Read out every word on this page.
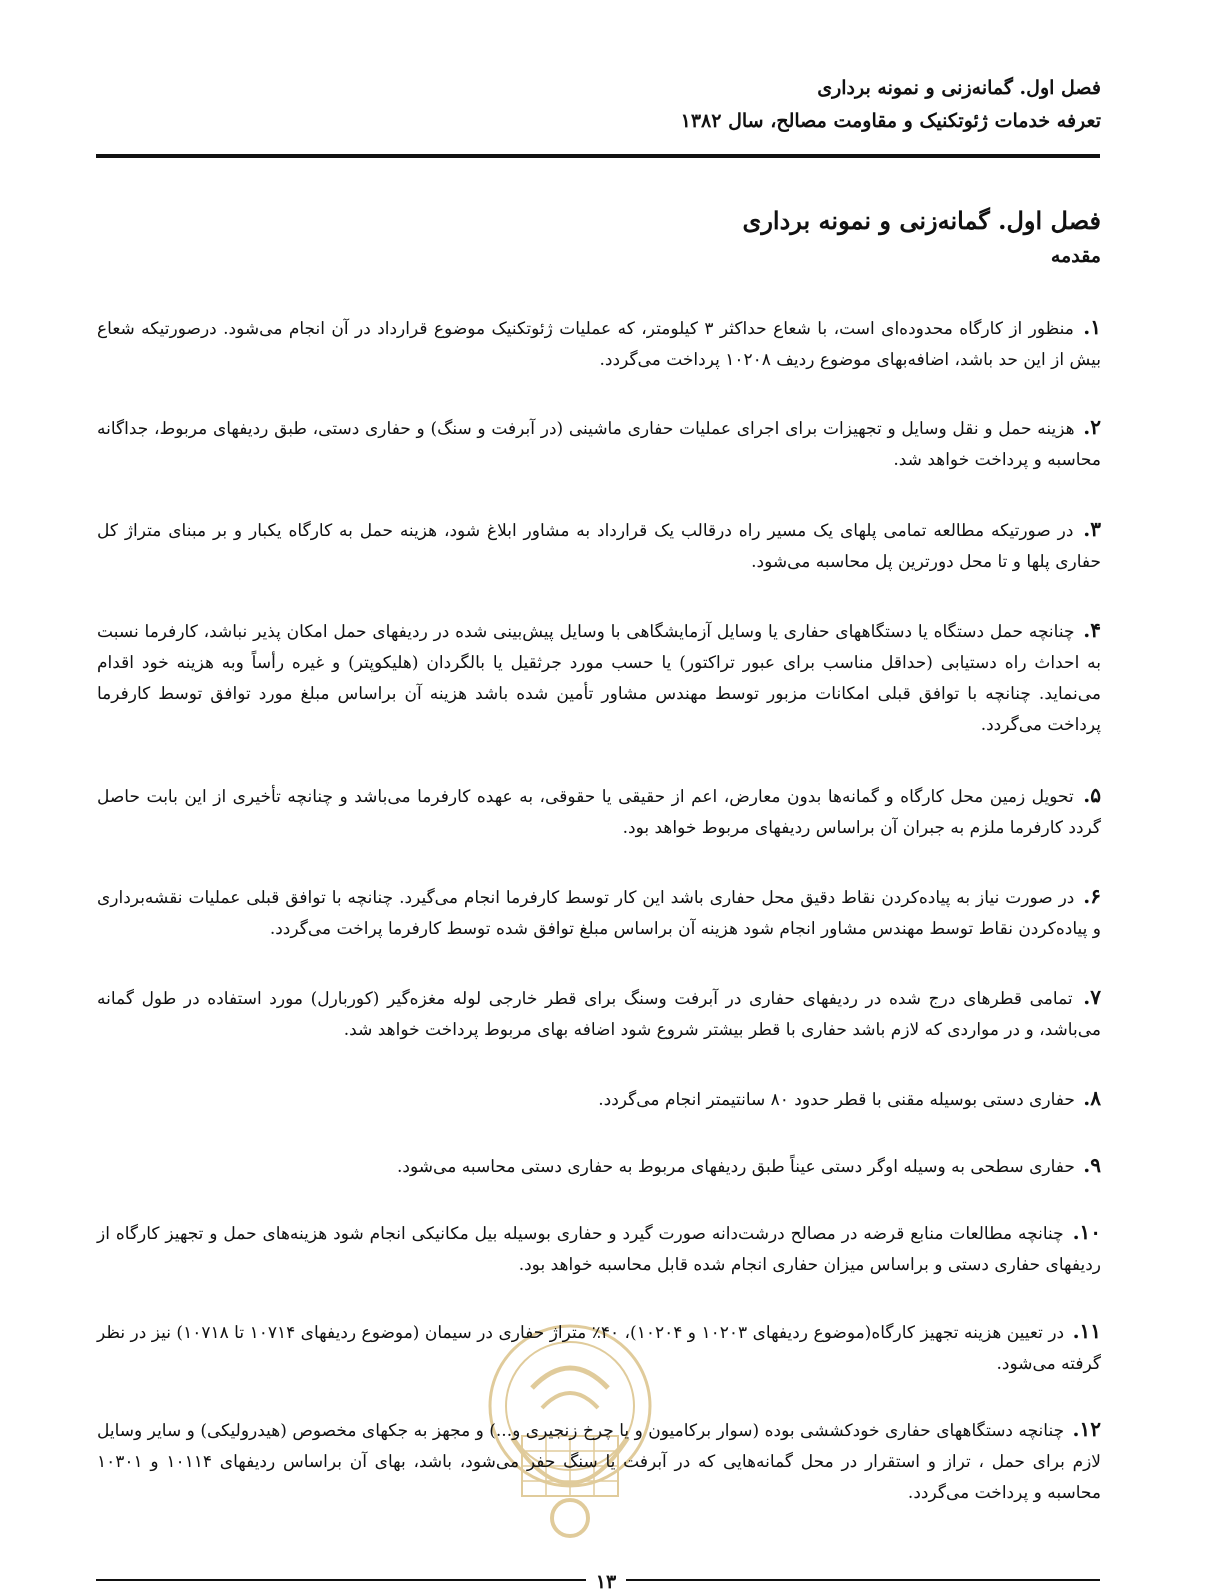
فصل اول. گمانه‌زنی و نمونه برداری
تعرفه خدمات ژئوتکنیک و مقاومت مصالح، سال ۱۳۸۲
فصل اول. گمانه‌زنی و نمونه برداری
مقدمه

۱. منظور از کارگاه محدوده‌ای است، با شعاع حداکثر ۳ کیلومتر، که عملیات ژئوتکنیک موضوع قرارداد در آن انجام می‌شود. درصورتیکه شعاع بیش از این حد باشد، اضافه‌بهای موضوع ردیف ۱۰۲۰۸ پرداخت می‌گردد.

۲. هزینه حمل و نقل وسایل و تجهیزات برای اجرای عملیات حفاری ماشینی (در آبرفت و سنگ) و حفاری دستی، طبق ردیفهای مربوط، جداگانه محاسبه و پرداخت خواهد شد.

۳. در صورتیکه مطالعه تمامی پلهای یک مسیر راه درقالب یک قرارداد به مشاور ابلاغ شود، هزینه حمل به کارگاه یکبار و بر مبنای متراژ کل حفاری پلها و تا محل دورترین پل محاسبه می‌شود.

۴. چنانچه حمل دستگاه یا دستگاههای حفاری یا وسایل آزمایشگاهی با وسایل پیش‌بینی شده در ردیفهای حمل امکان پذیر نباشد، کارفرما نسبت به احداث راه دستیابی (حداقل مناسب برای عبور تراکتور) یا حسب مورد جرثقیل یا بالگردان (هلیکوپتر) و غیره رأساً وبه هزینه خود اقدام می‌نماید. چنانچه با توافق قبلی امکانات مزبور توسط مهندس مشاور تأمین شده باشد هزینه آن براساس مبلغ مورد توافق توسط کارفرما پرداخت می‌گردد.

۵. تحویل زمین محل کارگاه و گمانه‌ها بدون معارض، اعم از حقیقی یا حقوقی، به عهده کارفرما می‌باشد و چنانچه تأخیری از این بابت حاصل گردد کارفرما ملزم به جبران آن براساس ردیفهای مربوط خواهد بود.

۶. در صورت نیاز به پیاده‌کردن نقاط دقیق محل حفاری باشد این کار توسط کارفرما انجام می‌گیرد. چنانچه با توافق قبلی عملیات نقشه‌برداری و پیاده‌کردن نقاط توسط مهندس مشاور انجام شود هزینه آن براساس مبلغ توافق شده توسط کارفرما پراخت می‌گردد.

۷. تمامی قطرهای درج شده در ردیفهای حفاری در آبرفت وسنگ برای قطر خارجی لوله مغزه‌گیر (کوربارل) مورد استفاده در طول گمانه می‌باشد، و در مواردی که لازم باشد حفاری با قطر بیشتر شروع شود اضافه بهای مربوط پرداخت خواهد شد.

۸. حفاری دستی بوسیله مقنی با قطر حدود ۸۰ سانتیمتر انجام می‌گردد.

۹. حفاری سطحی به وسیله اوگر دستی عیناً طبق ردیفهای مربوط به حفاری دستی محاسبه می‌شود.

۱۰. چنانچه مطالعات منابع قرضه در مصالح درشت‌دانه صورت گیرد و حفاری بوسیله بیل مکانیکی انجام شود هزینه‌های حمل و تجهیز کارگاه از ردیفهای حفاری دستی و براساس میزان حفاری انجام شده قابل محاسبه خواهد بود.

۱۱. در تعیین هزینه تجهیز کارگاه(موضوع ردیفهای ۱۰۲۰۳ و ۱۰۲۰۴)، ۴۰٪ متراژ حفاری در سیمان (موضوع ردیفهای ۱۰۷۱۴ تا ۱۰۷۱۸) نیز در نظر گرفته می‌شود.

۱۲. چنانچه دستگاههای حفاری خودکششی بوده (سوار برکامیون و یا چرخ زنجیری و...) و مجهز به جکهای مخصوص (هیدرولیکی) و سایر وسایل لازم برای حمل ، تراز و استقرار در محل گمانه‌هایی که در آبرفت یا سنگ حفر می‌شود، باشد، بهای آن براساس ردیفهای ۱۰۱۱۴ و ۱۰۳۰۱ محاسبه و پرداخت می‌گردد.

۱۳
